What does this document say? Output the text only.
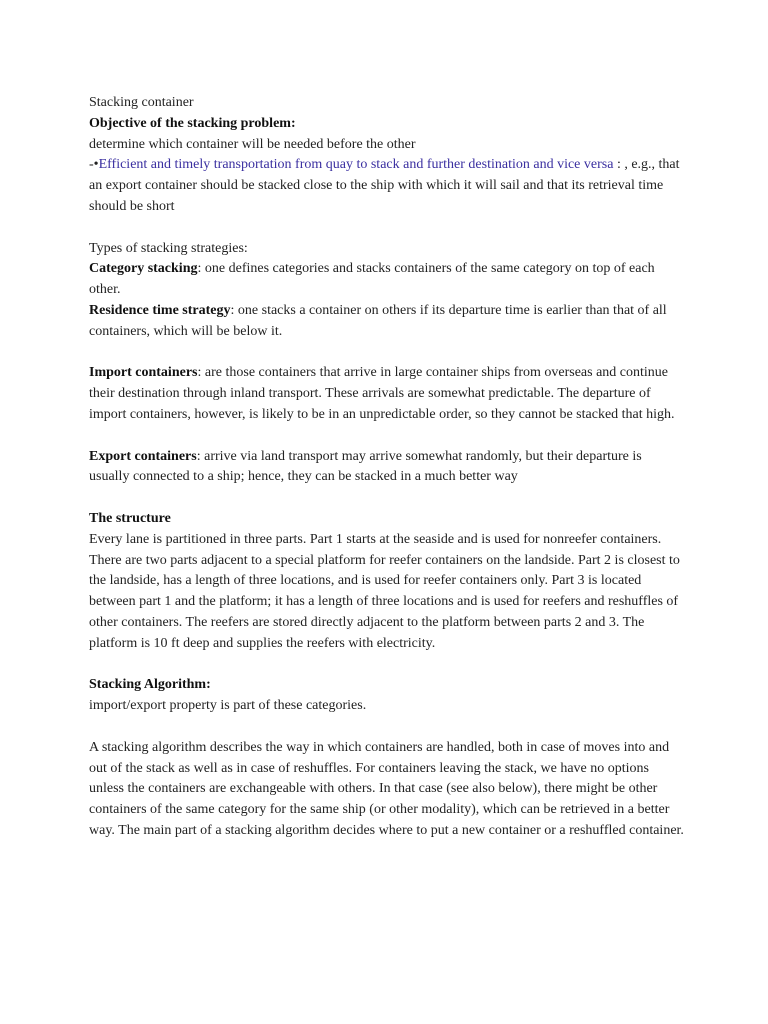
Stacking container

Objective of the stacking problem:

determine which container will be needed before the other

-•Efficient and timely transportation from quay to stack and further destination and vice versa : , e.g., that an export container should be stacked close to the ship with which it will sail and that its retrieval time should be short

Types of stacking strategies:

Category stacking: one defines categories and stacks containers of the same category on top of each other.

Residence time strategy: one stacks a container on others if its departure time is earlier than that of all containers, which will be below it.

Import containers: are those containers that arrive in large container ships from overseas and continue their destination through inland transport. These arrivals are somewhat predictable. The departure of import containers, however, is likely to be in an unpredictable order, so they cannot be stacked that high.

Export containers: arrive via land transport may arrive somewhat randomly, but their departure is usually connected to a ship; hence, they can be stacked in a much better way

The structure

Every lane is partitioned in three parts. Part 1 starts at the seaside and is used for nonreefer containers. There are two parts adjacent to a special platform for reefer containers on the landside. Part 2 is closest to the landside, has a length of three locations, and is used for reefer containers only. Part 3 is located between part 1 and the platform; it has a length of three locations and is used for reefers and reshuffles of other containers. The reefers are stored directly adjacent to the platform between parts 2 and 3. The platform is 10 ft deep and supplies the reefers with electricity.

Stacking Algorithm:

import/export property is part of these categories.

A stacking algorithm describes the way in which containers are handled, both in case of moves into and out of the stack as well as in case of reshuffles. For containers leaving the stack, we have no options unless the containers are exchangeable with others. In that case (see also below), there might be other containers of the same category for the same ship (or other modality), which can be retrieved in a better way. The main part of a stacking algorithm decides where to put a new container or a reshuffled container.
